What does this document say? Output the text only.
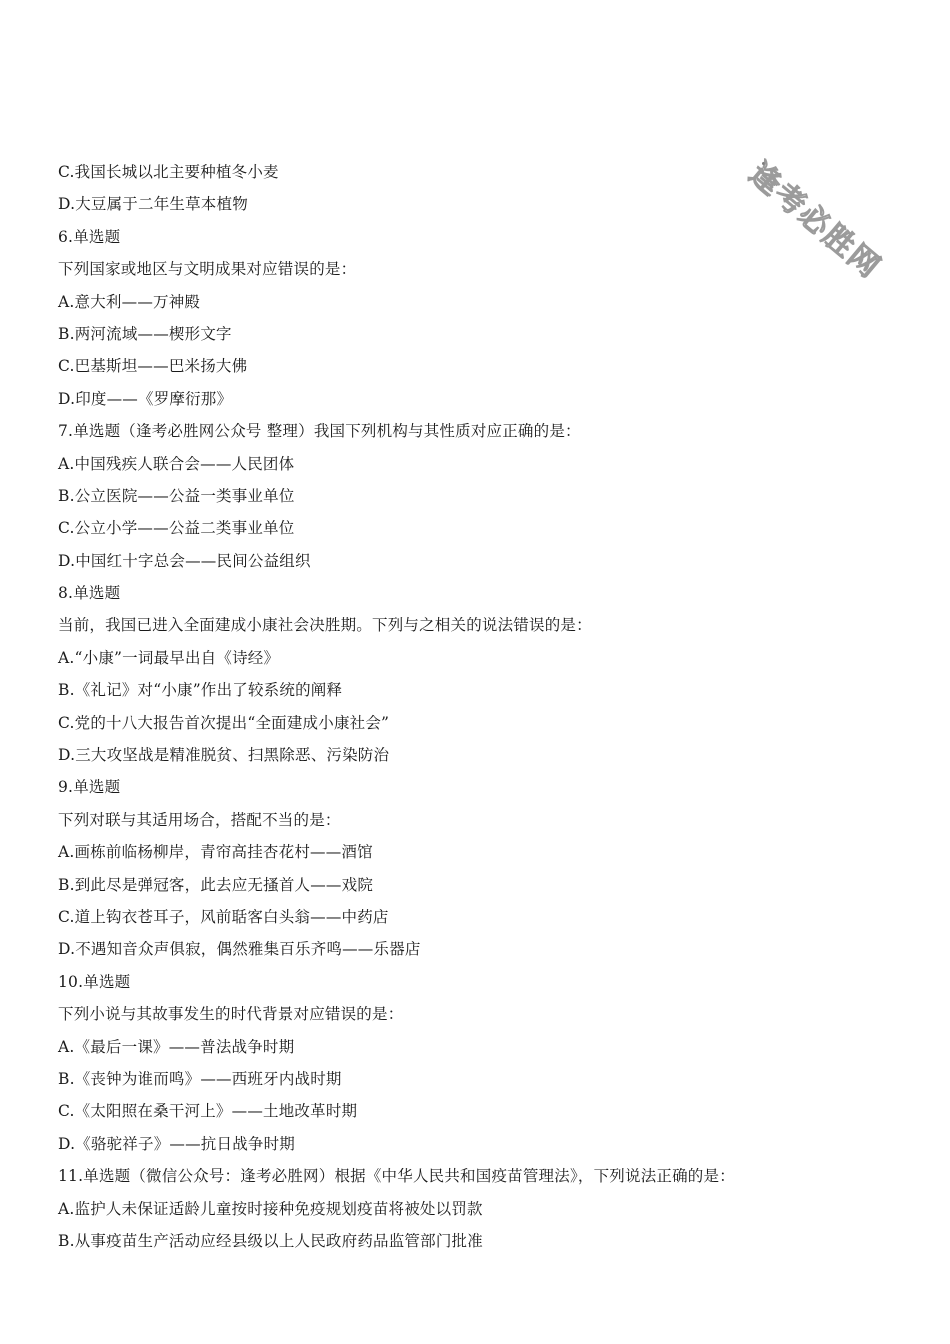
逢考必胜网
C.我国长城以北主要种植冬小麦
D.大豆属于二年生草本植物
6.单选题
下列国家或地区与文明成果对应错误的是：
A.意大利——万神殿
B.两河流域——楔形文字
C.巴基斯坦——巴米扬大佛
D.印度——《罗摩衍那》
7.单选题（逢考必胜网公众号 整理）我国下列机构与其性质对应正确的是：
A.中国残疾人联合会——人民团体
B.公立医院——公益一类事业单位
C.公立小学——公益二类事业单位
D.中国红十字总会——民间公益组织
8.单选题
当前，我国已进入全面建成小康社会决胜期。下列与之相关的说法错误的是：
A.“小康”一词最早出自《诗经》
B.《礼记》对“小康”作出了较系统的阐释
C.党的十八大报告首次提出“全面建成小康社会”
D.三大攻坚战是精准脱贫、扫黑除恶、污染防治
9.单选题
下列对联与其适用场合，搭配不当的是：
A.画栋前临杨柳岸，青帘高挂杏花村——酒馆
B.到此尽是弹冠客，此去应无搔首人——戏院
C.道上钩衣苍耳子，风前聒客白头翁——中药店
D.不遇知音众声俱寂，偶然雅集百乐齐鸣——乐器店
10.单选题
下列小说与其故事发生的时代背景对应错误的是：
A.《最后一课》——普法战争时期
B.《丧钟为谁而鸣》——西班牙内战时期
C.《太阳照在桑干河上》——土地改革时期
D.《骆驼祥子》——抗日战争时期
11.单选题（微信公众号：逢考必胜网）根据《中华人民共和国疫苗管理法》，下列说法正确的是：
A.监护人未保证适龄儿童按时接种免疫规划疫苗将被处以罚款
B.从事疫苗生产活动应经县级以上人民政府药品监管部门批准
